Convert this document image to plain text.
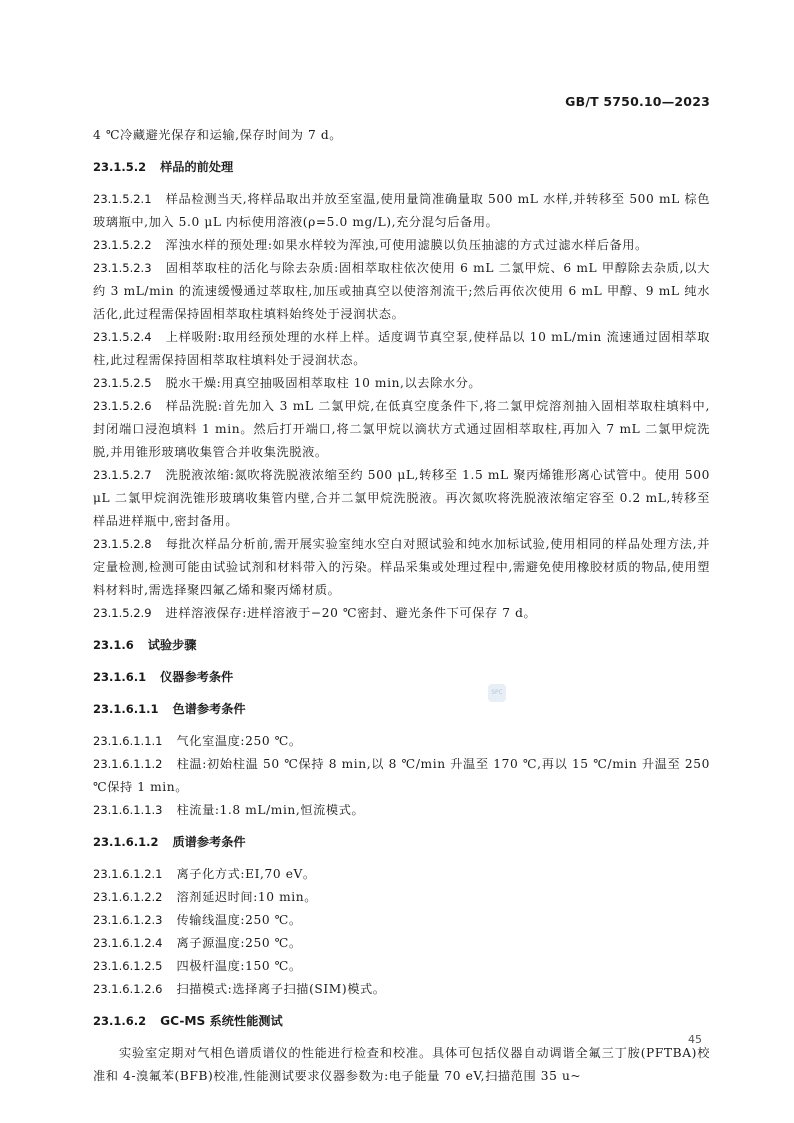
GB/T 5750.10—2023
SPC

4 ℃冷藏避光保存和运输,保存时间为 7 d。

23.1.5.2 样品的前处理

23.1.5.2.1 样品检测当天,将样品取出并放至室温,使用量筒准确量取 500 mL 水样,并转移至 500 mL 棕色玻璃瓶中,加入 5.0 μL 内标使用溶液(ρ=5.0 mg/L),充分混匀后备用。

23.1.5.2.2 浑浊水样的预处理:如果水样较为浑浊,可使用滤膜以负压抽滤的方式过滤水样后备用。

23.1.5.2.3 固相萃取柱的活化与除去杂质:固相萃取柱依次使用 6 mL 二氯甲烷、6 mL 甲醇除去杂质,以大约 3 mL/min 的流速缓慢通过萃取柱,加压或抽真空以使溶剂流干;然后再依次使用 6 mL 甲醇、9 mL 纯水活化,此过程需保持固相萃取柱填料始终处于浸润状态。

23.1.5.2.4 上样吸附:取用经预处理的水样上样。适度调节真空泵,使样品以 10 mL/min 流速通过固相萃取柱,此过程需保持固相萃取柱填料处于浸润状态。

23.1.5.2.5 脱水干燥:用真空抽吸固相萃取柱 10 min,以去除水分。

23.1.5.2.6 样品洗脱:首先加入 3 mL 二氯甲烷,在低真空度条件下,将二氯甲烷溶剂抽入固相萃取柱填料中,封闭端口浸泡填料 1 min。然后打开端口,将二氯甲烷以滴状方式通过固相萃取柱,再加入 7 mL 二氯甲烷洗脱,并用锥形玻璃收集管合并收集洗脱液。

23.1.5.2.7 洗脱液浓缩:氮吹将洗脱液浓缩至约 500 μL,转移至 1.5 mL 聚丙烯锥形离心试管中。使用 500 μL 二氯甲烷润洗锥形玻璃收集管内壁,合并二氯甲烷洗脱液。再次氮吹将洗脱液浓缩定容至 0.2 mL,转移至样品进样瓶中,密封备用。

23.1.5.2.8 每批次样品分析前,需开展实验室纯水空白对照试验和纯水加标试验,使用相同的样品处理方法,并定量检测,检测可能由试验试剂和材料带入的污染。样品采集或处理过程中,需避免使用橡胶材质的物品,使用塑料材料时,需选择聚四氟乙烯和聚丙烯材质。

23.1.5.2.9 进样溶液保存:进样溶液于−20 ℃密封、避光条件下可保存 7 d。

23.1.6 试验步骤

23.1.6.1 仪器参考条件

23.1.6.1.1 色谱参考条件

23.1.6.1.1.1 气化室温度:250 ℃。

23.1.6.1.1.2 柱温:初始柱温 50 ℃保持 8 min,以 8 ℃/min 升温至 170 ℃,再以 15 ℃/min 升温至 250 ℃保持 1 min。

23.1.6.1.1.3 柱流量:1.8 mL/min,恒流模式。

23.1.6.1.2 质谱参考条件

23.1.6.1.2.1 离子化方式:EI,70 eV。

23.1.6.1.2.2 溶剂延迟时间:10 min。

23.1.6.1.2.3 传输线温度:250 ℃。

23.1.6.1.2.4 离子源温度:250 ℃。

23.1.6.1.2.5 四极杆温度:150 ℃。

23.1.6.1.2.6 扫描模式:选择离子扫描(SIM)模式。

23.1.6.2 GC-MS 系统性能测试

实验室定期对气相色谱质谱仪的性能进行检查和校准。具体可包括仪器自动调谐全氟三丁胺(PFTBA)校准和 4-溴氟苯(BFB)校准,性能测试要求仪器参数为:电子能量 70 eV,扫描范围 35 u~

45
